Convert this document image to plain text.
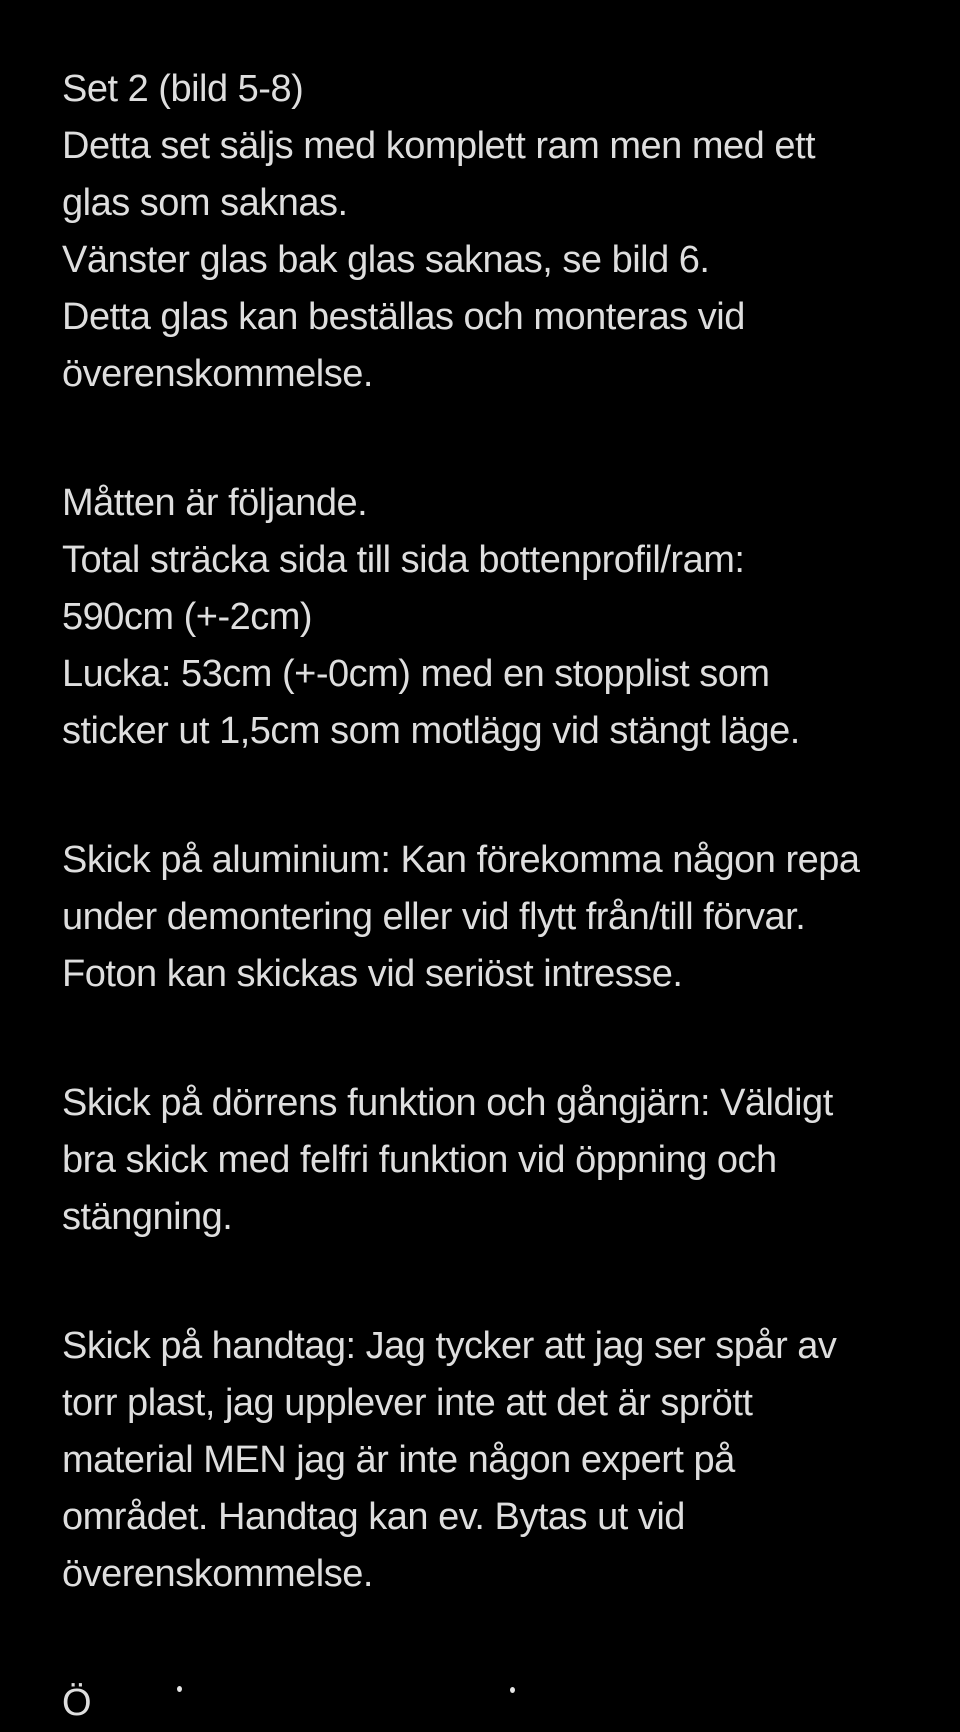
Set 2 (bild 5-8)
Detta set säljs med komplett ram men med ett
glas som saknas.
Vänster glas bak glas saknas, se bild 6.
Detta glas kan beställas och monteras vid
överenskommelse.
Måtten är följande.
Total sträcka sida till sida bottenprofil/ram:
590cm (+-2cm)
Lucka: 53cm (+-0cm) med en stopplist som
sticker ut 1,5cm som motlägg vid stängt läge.
Skick på aluminium: Kan förekomma någon repa
under demontering eller vid flytt från/till förvar.
Foton kan skickas vid seriöst intresse.
Skick på dörrens funktion och gångjärn: Väldigt
bra skick med felfri funktion vid öppning och
stängning.
Skick på handtag: Jag tycker att jag ser spår av
torr plast, jag upplever inte att det är sprött
material MEN jag är inte någon expert på
området. Handtag kan ev. Bytas ut vid
överenskommelse.
Ö
